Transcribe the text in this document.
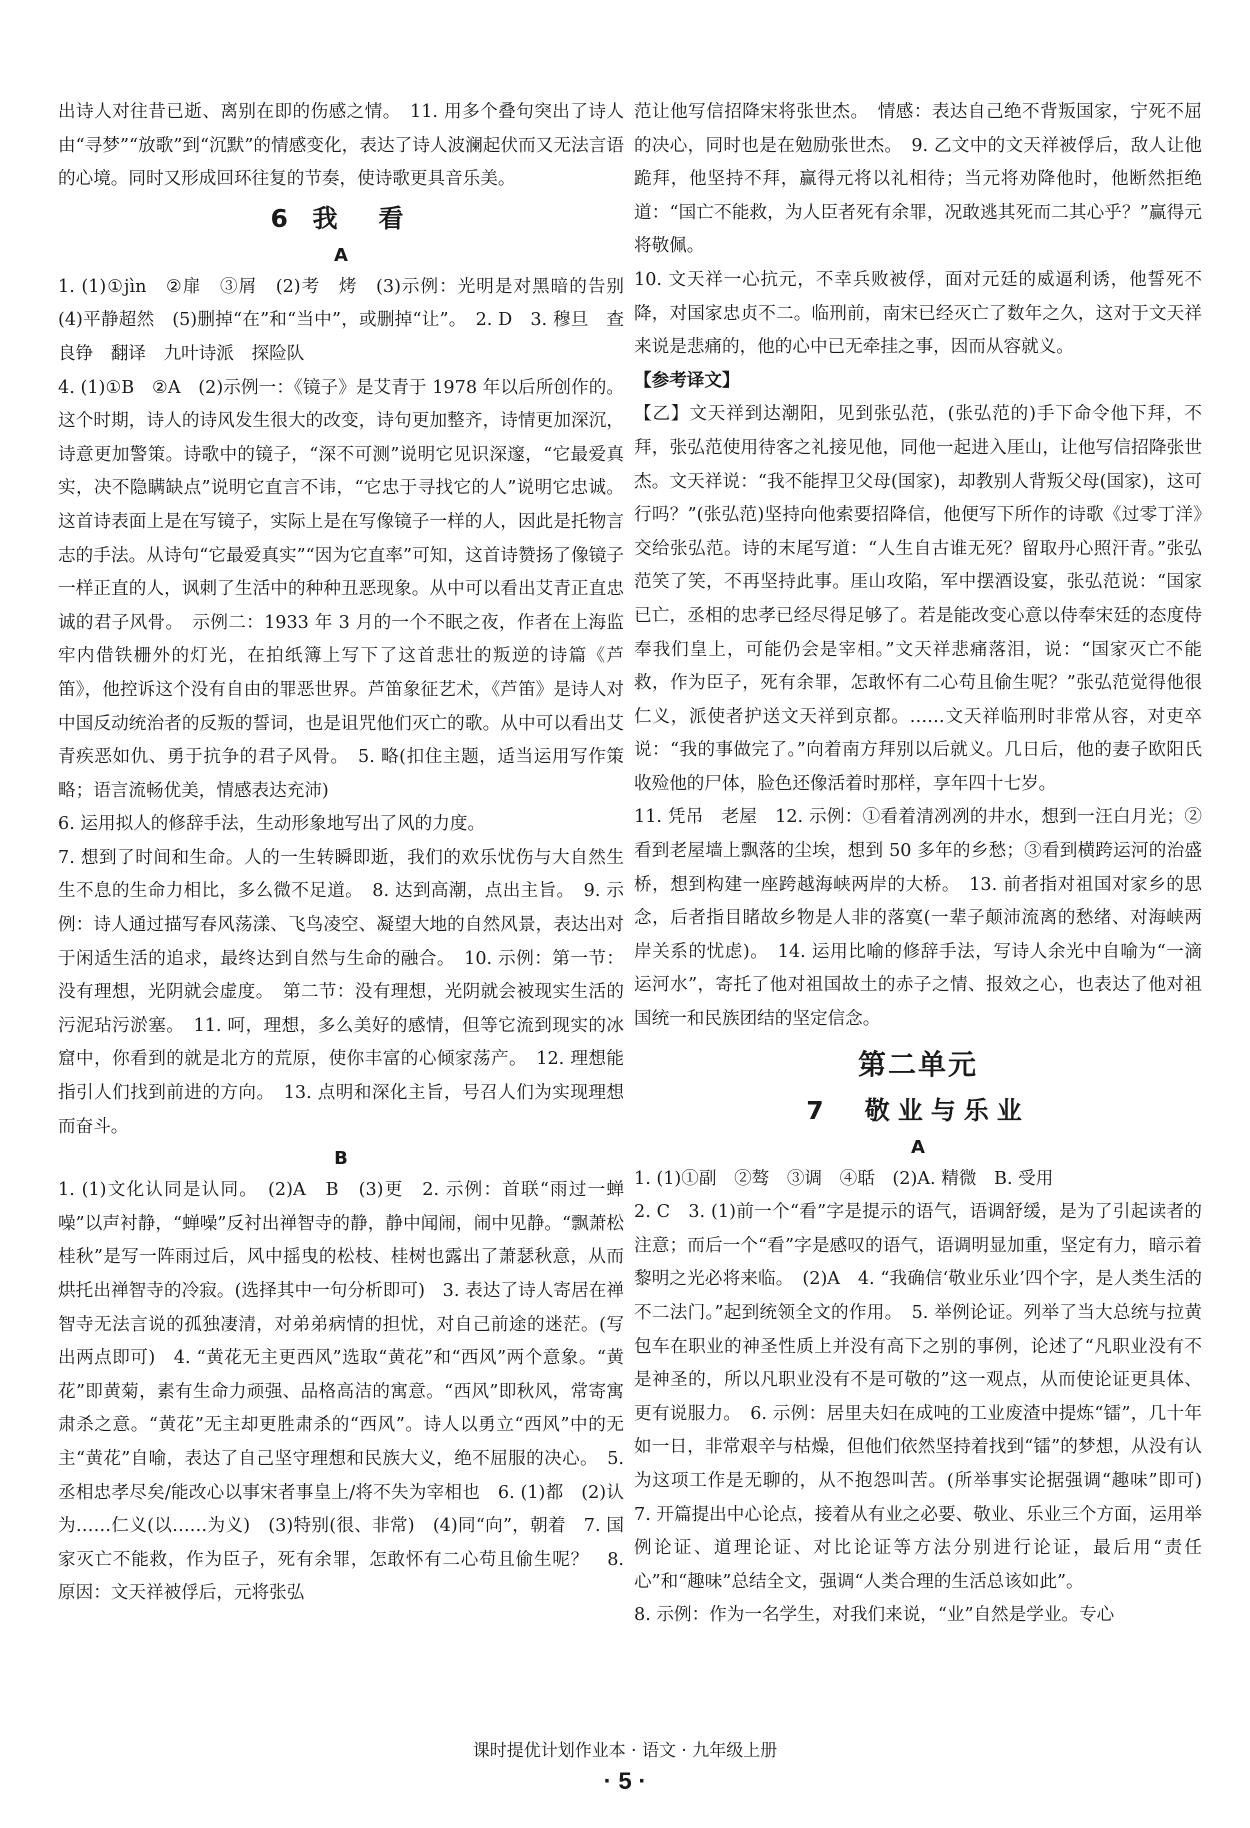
出诗人对往昔已逝、离别在即的伤感之情。　11. 用多个叠句突出了诗人由“寻梦”“放歌”到“沉默”的情感变化，表达了诗人波澜起伏而又无法言语的心境。同时又形成回环往复的节奏，使诗歌更具音乐美。

6 我　看
A

1. (1)①jìn　②扉　③屑　(2)考　烤　(3)示例：光明是对黑暗的告别　(4)平静超然　(5)删掉“在”和“当中”，或删掉“让”。　2. D　3. 穆旦　查良铮　翻译　九叶诗派　探险队

4. (1)①B　②A　(2)示例一：《镜子》是艾青于 1978 年以后所创作的。这个时期，诗人的诗风发生很大的改变，诗句更加整齐，诗情更加深沉，诗意更加警策。诗歌中的镜子，“深不可测”说明它见识深邃，“它最爱真实，决不隐瞒缺点”说明它直言不讳，“它忠于寻找它的人”说明它忠诚。这首诗表面上是在写镜子，实际上是在写像镜子一样的人，因此是托物言志的手法。从诗句“它最爱真实”“因为它直率”可知，这首诗赞扬了像镜子一样正直的人，讽刺了生活中的种种丑恶现象。从中可以看出艾青正直忠诚的君子风骨。　示例二：1933 年 3 月的一个不眠之夜，作者在上海监牢内借铁栅外的灯光，在拍纸簿上写下了这首悲壮的叛逆的诗篇《芦笛》，他控诉这个没有自由的罪恶世界。芦笛象征艺术，《芦笛》是诗人对中国反动统治者的反叛的誓词，也是诅咒他们灭亡的歌。从中可以看出艾青疾恶如仇、勇于抗争的君子风骨。　5. 略(扣住主题，适当运用写作策略；语言流畅优美，情感表达充沛)

6. 运用拟人的修辞手法，生动形象地写出了风的力度。

7. 想到了时间和生命。人的一生转瞬即逝，我们的欢乐忧伤与大自然生生不息的生命力相比，多么微不足道。　8. 达到高潮，点出主旨。　9. 示例：诗人通过描写春风荡漾、飞鸟凌空、凝望大地的自然风景，表达出对于闲适生活的追求，最终达到自然与生命的融合。　10. 示例：第一节：没有理想，光阴就会虚度。　第二节：没有理想，光阴就会被现实生活的污泥玷污淤塞。　11. 呵，理想，多么美好的感情，但等它流到现实的冰窟中，你看到的就是北方的荒原，使你丰富的心倾家荡产。　12. 理想能指引人们找到前进的方向。　13. 点明和深化主旨，号召人们为实现理想而奋斗。

B

1. (1)文化认同是认同。　(2)A　B　(3)更　2. 示例：首联“雨过一蝉噪”以声衬静，“蝉噪”反衬出禅智寺的静，静中闻闹，闹中见静。“飘萧松桂秋”是写一阵雨过后，风中摇曳的松枝、桂树也露出了萧瑟秋意，从而烘托出禅智寺的冷寂。(选择其中一句分析即可)　3. 表达了诗人寄居在禅智寺无法言说的孤独凄清，对弟弟病情的担忧，对自己前途的迷茫。(写出两点即可)　4. “黄花无主更西风”选取“黄花”和“西风”两个意象。“黄花”即黄菊，素有生命力顽强、品格高洁的寓意。“西风”即秋风，常寄寓肃杀之意。“黄花”无主却更胜肃杀的“西风”。诗人以勇立“西风”中的无主“黄花”自喻，表达了自己坚守理想和民族大义，绝不屈服的决心。　5. 丞相忠孝尽矣/能改心以事宋者事皇上/将不失为宰相也　6. (1)都　(2)认为……仁义(以……为义)　(3)特别(很、非常)　(4)同“向”，朝着　7. 国家灭亡不能救，作为臣子，死有余罪，怎敢怀有二心苟且偷生呢？　8. 原因：文天祥被俘后，元将张弘

范让他写信招降宋将张世杰。　情感：表达自己绝不背叛国家，宁死不屈的决心，同时也是在勉励张世杰。　9. 乙文中的文天祥被俘后，敌人让他跪拜，他坚持不拜，赢得元将以礼相待；当元将劝降他时，他断然拒绝道：“国亡不能救，为人臣者死有余罪，况敢逃其死而二其心乎？”赢得元将敬佩。

10. 文天祥一心抗元，不幸兵败被俘，面对元廷的威逼利诱，他誓死不降，对国家忠贞不二。临刑前，南宋已经灭亡了数年之久，这对于文天祥来说是悲痛的，他的心中已无牵挂之事，因而从容就义。

【参考译文】

【乙】文天祥到达潮阳，见到张弘范，(张弘范的)手下命令他下拜，不拜，张弘范使用待客之礼接见他，同他一起进入厓山，让他写信招降张世杰。文天祥说：“我不能捍卫父母(国家)，却教别人背叛父母(国家)，这可行吗？”(张弘范)坚持向他索要招降信，他便写下所作的诗歌《过零丁洋》交给张弘范。诗的末尾写道：“人生自古谁无死？留取丹心照汗青。”张弘范笑了笑，不再坚持此事。厓山攻陷，军中摆酒设宴，张弘范说：“国家已亡，丞相的忠孝已经尽得足够了。若是能改变心意以侍奉宋廷的态度侍奉我们皇上，可能仍会是宰相。”文天祥悲痛落泪，说：“国家灭亡不能救，作为臣子，死有余罪，怎敢怀有二心苟且偷生呢？”张弘范觉得他很仁义，派使者护送文天祥到京都。……文天祥临刑时非常从容，对吏卒说：“我的事做完了。”向着南方拜别以后就义。几日后，他的妻子欧阳氏收殓他的尸体，脸色还像活着时那样，享年四十七岁。

11. 凭吊　老屋　12. 示例：①看着清冽冽的井水，想到一汪白月光；②看到老屋墙上飘落的尘埃，想到 50 多年的乡愁；③看到横跨运河的治盛桥，想到构建一座跨越海峡两岸的大桥。　13. 前者指对祖国对家乡的思念，后者指目睹故乡物是人非的落寞(一辈子颠沛流离的愁绪、对海峡两岸关系的忧虑)。　14. 运用比喻的修辞手法，写诗人余光中自喻为“一滴运河水”，寄托了他对祖国故土的赤子之情、报效之心，也表达了他对祖国统一和民族团结的坚定信念。

第二单元
7　敬业与乐业
A

1. (1)①副　②骜　③调　④聒　(2)A. 精微　B. 受用

2. C　3. (1)前一个“看”字是提示的语气，语调舒缓，是为了引起读者的注意；而后一个“看”字是感叹的语气，语调明显加重，坚定有力，暗示着黎明之光必将来临。　(2)A　4. “我确信‘敬业乐业’四个字，是人类生活的不二法门。”起到统领全文的作用。　5. 举例论证。列举了当大总统与拉黄包车在职业的神圣性质上并没有高下之别的事例，论述了“凡职业没有不是神圣的，所以凡职业没有不是可敬的”这一观点，从而使论证更具体、更有说服力。　6. 示例：居里夫妇在成吨的工业废渣中提炼“镭”，几十年如一日，非常艰辛与枯燥，但他们依然坚持着找到“镭”的梦想，从没有认为这项工作是无聊的，从不抱怨叫苦。(所举事实论据强调“趣味”即可)　7. 开篇提出中心论点，接着从有业之必要、敬业、乐业三个方面，运用举例论证、道理论证、对比论证等方法分别进行论证，最后用“责任心”和“趣味”总结全文，强调“人类合理的生活总该如此”。

8. 示例：作为一名学生，对我们来说，“业”自然是学业。专心

课时提优计划作业本 · 语文 · 九年级上册
· 5 ·
